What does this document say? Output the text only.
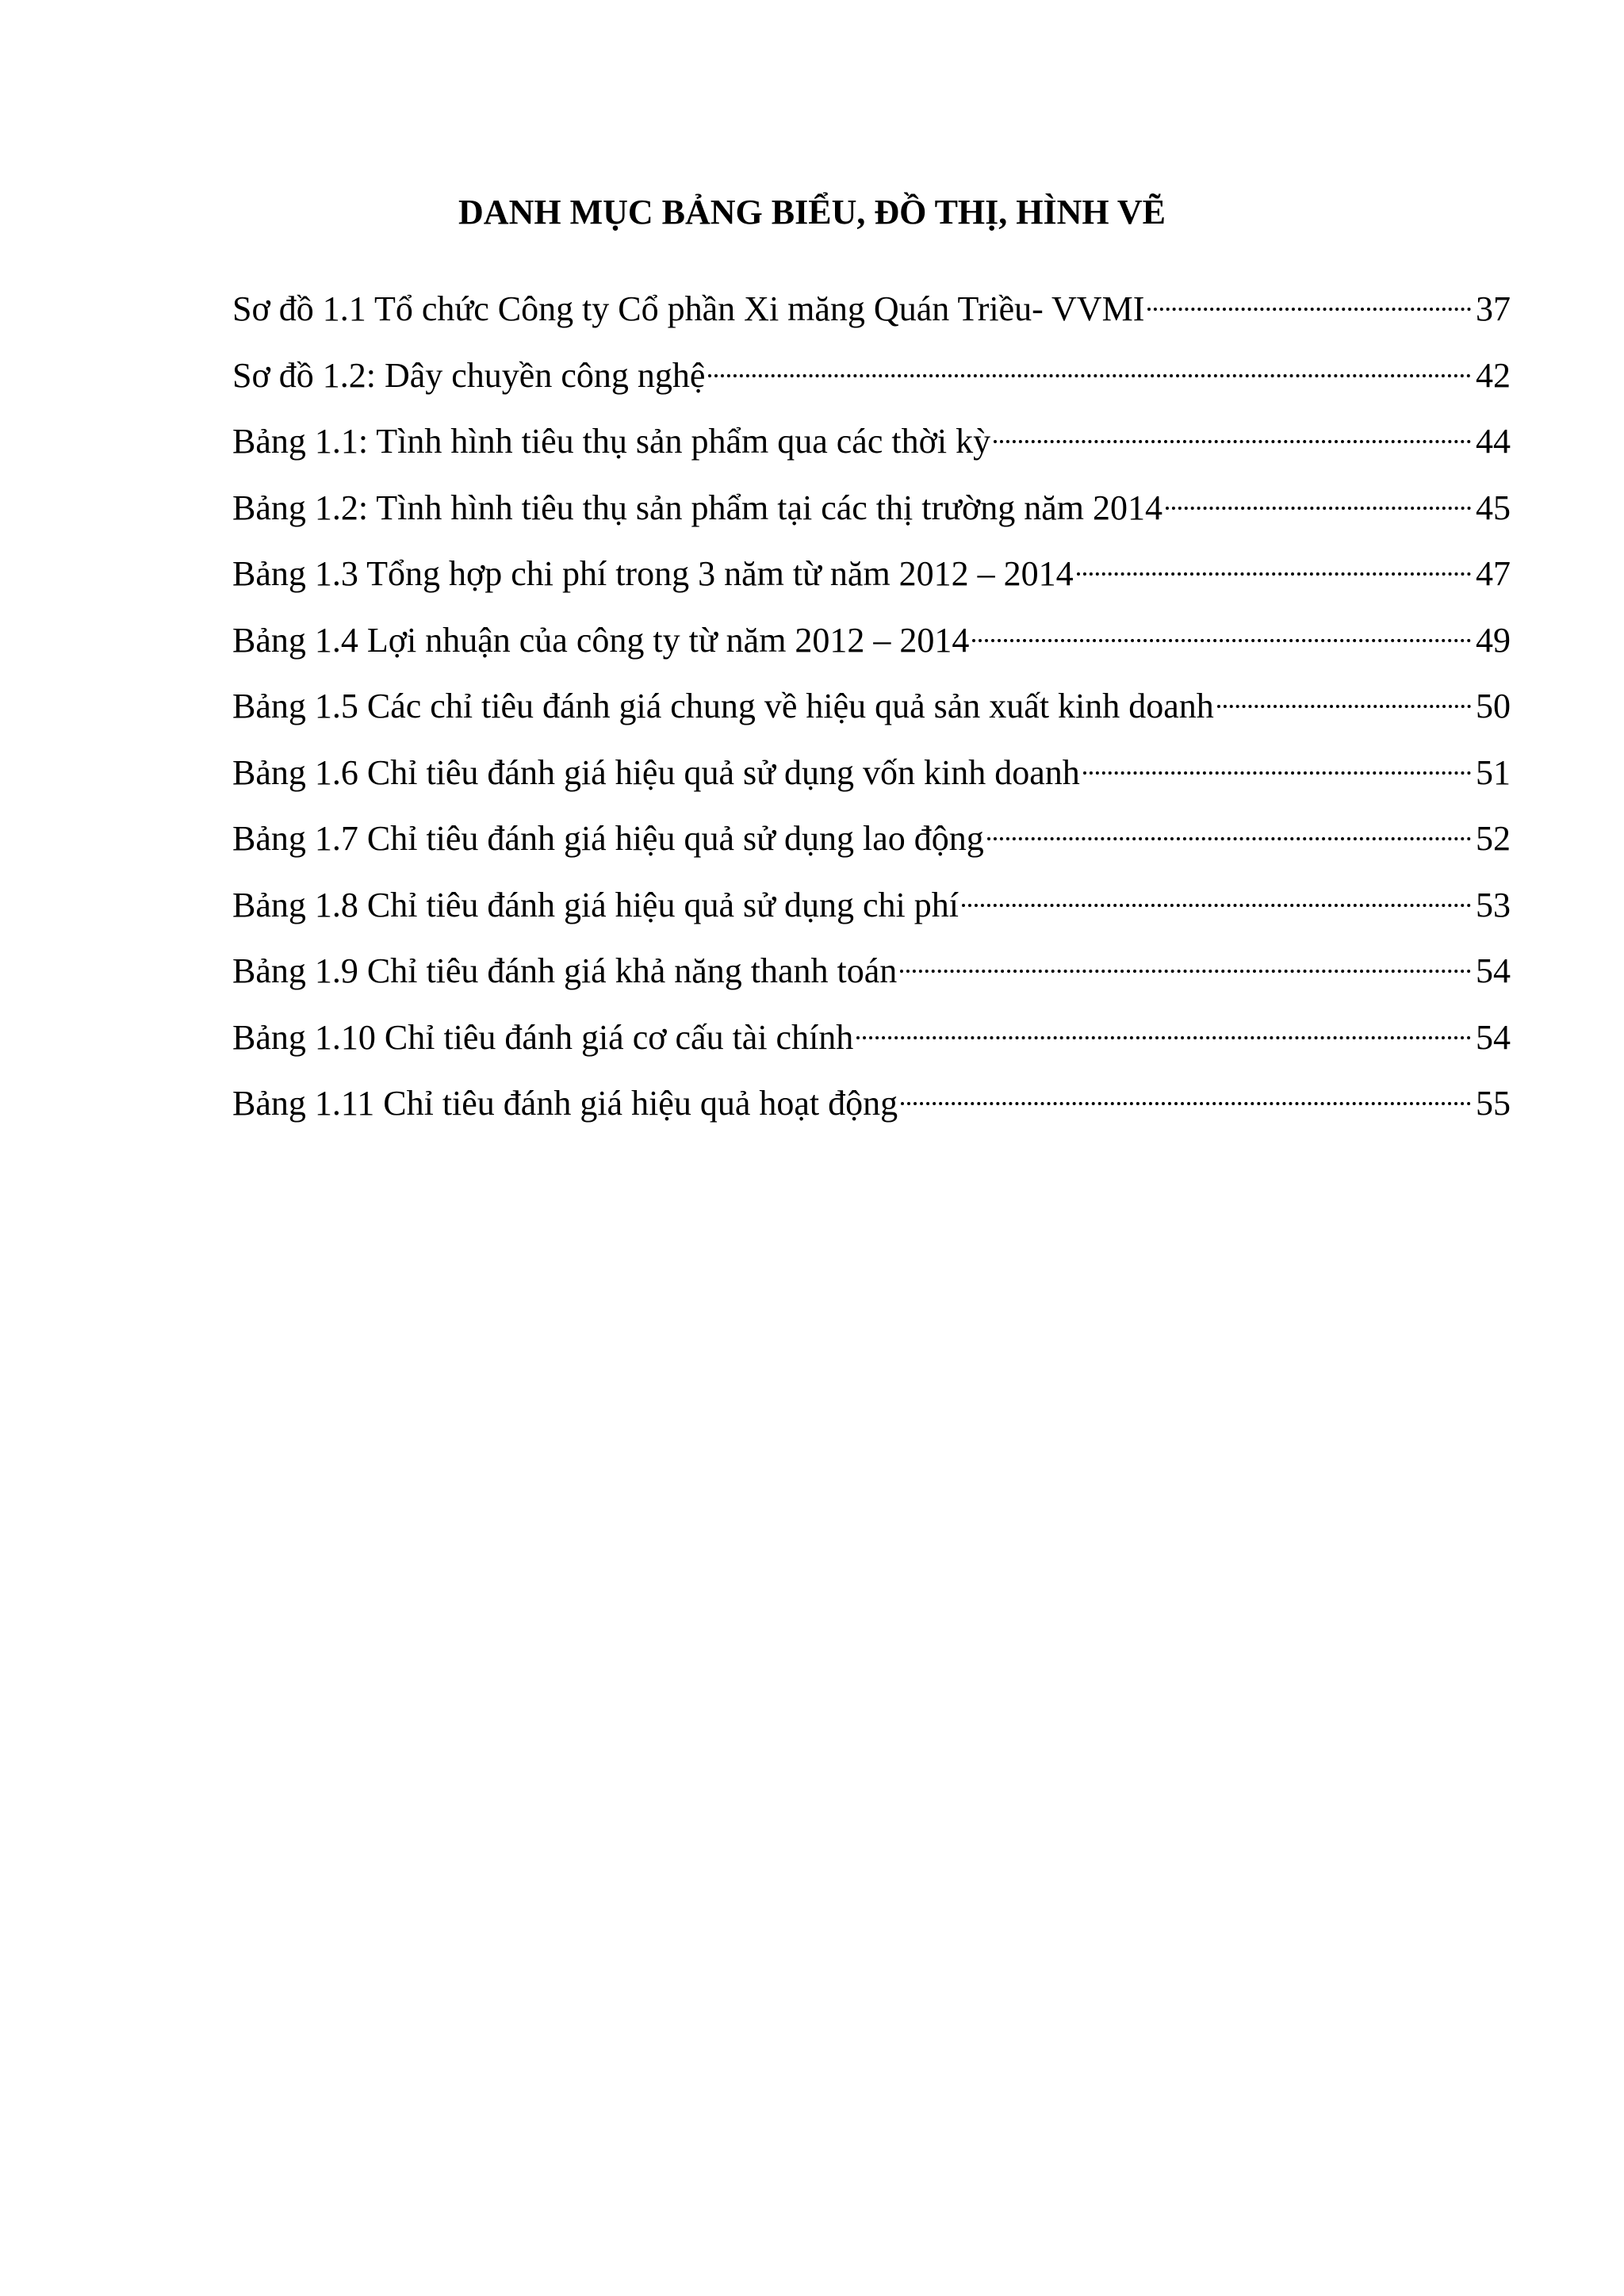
DANH MỤC BẢNG BIỂU, ĐỒ THỊ, HÌNH VẼ
Sơ đồ 1.1 Tổ chức Công ty Cổ phần Xi măng Quán Triều- VVMI	37
Sơ đồ 1.2: Dây chuyền công nghệ	42
Bảng 1.1: Tình hình tiêu thụ sản phẩm qua các thời kỳ	44
Bảng 1.2: Tình hình tiêu thụ sản phẩm tại các thị trường năm 2014	45
Bảng 1.3 Tổng hợp chi phí trong 3 năm từ năm 2012 – 2014	47
Bảng 1.4 Lợi nhuận của công ty từ năm 2012 – 2014	49
Bảng 1.5 Các chỉ tiêu đánh giá chung về hiệu quả sản xuất kinh doanh	50
Bảng 1.6 Chỉ tiêu đánh giá hiệu quả sử dụng vốn kinh doanh	51
Bảng 1.7 Chỉ tiêu đánh giá hiệu quả sử dụng lao động	52
Bảng 1.8 Chỉ tiêu đánh giá hiệu quả sử dụng chi phí	53
Bảng 1.9 Chỉ tiêu đánh giá khả năng thanh toán	54
Bảng 1.10 Chỉ tiêu đánh giá cơ cấu tài chính	54
Bảng 1.11 Chỉ tiêu đánh giá hiệu quả hoạt động	55
